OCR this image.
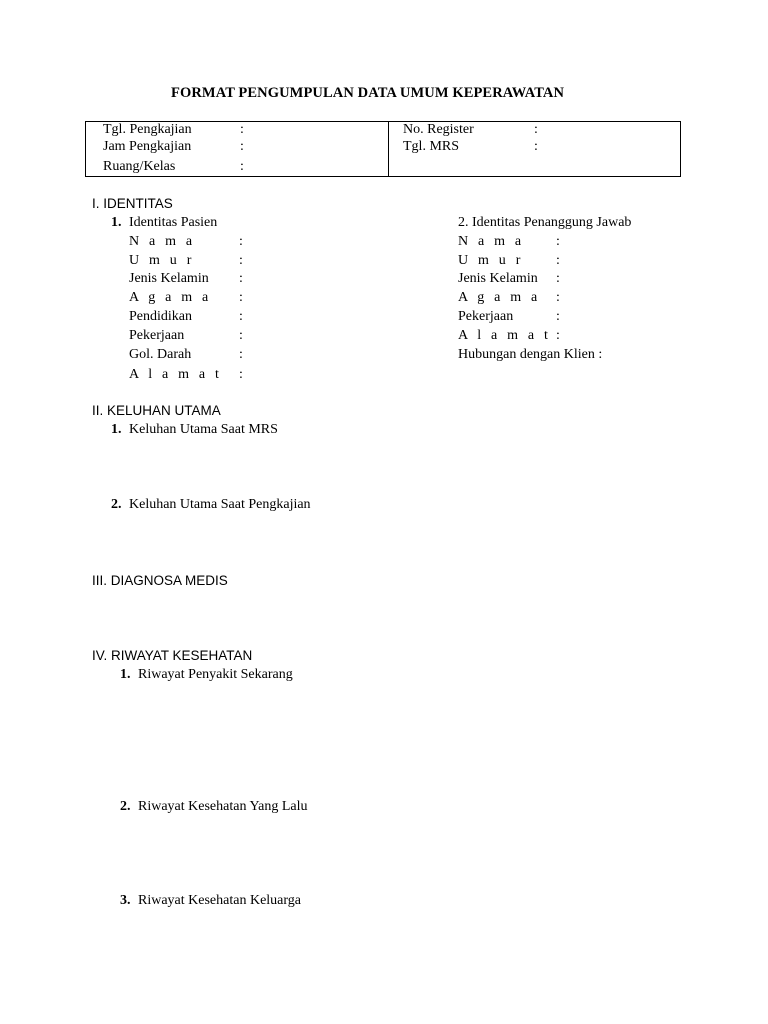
FORMAT PENGUMPULAN DATA UMUM KEPERAWATAN
Tgl. Pengkajian	:
Jam Pengkajian	:
Ruang/Kelas	:
No. Register	:
Tgl. MRS	:
I. IDENTITAS
1. Identitas Pasien
N a m a	:
U m u r	:
Jenis Kelamin :
A g a m a :
Pendidikan	:
Pekerjaan	:
Gol. Darah	:
A l a m a t :
2. Identitas Penanggung Jawab
N a m a :
U m u r :
Jenis Kelamin :
A g a m a :
Pekerjaan	:
A l a m a t :
Hubungan dengan Klien :
II. KELUHAN UTAMA
1. Keluhan Utama Saat MRS
2. Keluhan Utama Saat Pengkajian
III. DIAGNOSA MEDIS
IV. RIWAYAT KESEHATAN
1. Riwayat Penyakit Sekarang
2. Riwayat Kesehatan Yang Lalu
3. Riwayat Kesehatan Keluarga
